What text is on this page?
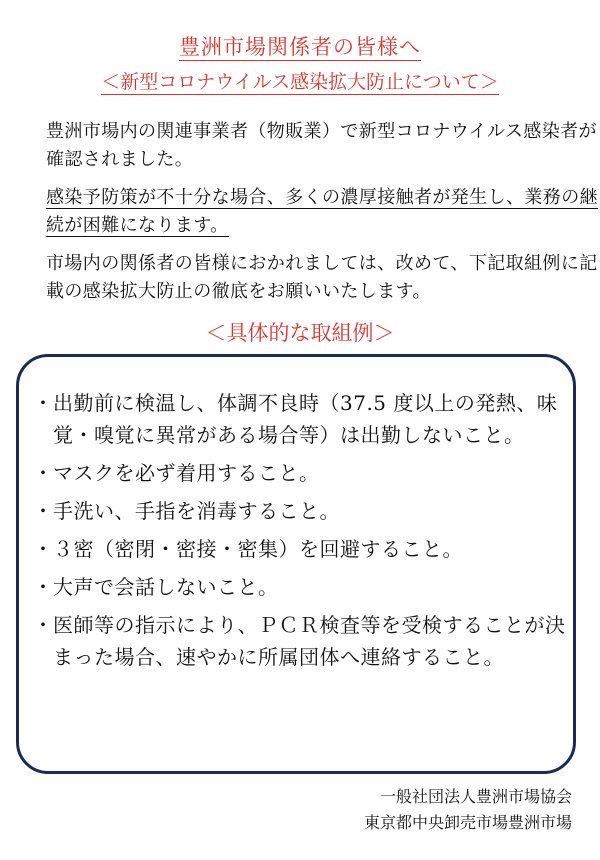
豊洲市場関係者の皆様へ
＜新型コロナウイルス感染拡大防止について＞
豊洲市場内の関連事業者（物販業）で新型コロナウイルス感染者が確認されました。
感染予防策が不十分な場合、多くの濃厚接触者が発生し、業務の継続が困難になります。
市場内の関係者の皆様におかれましては、改めて、下記取組例に記載の感染拡大防止の徹底をお願いいたします。
＜具体的な取組例＞
・ 出勤前に検温し、体調不良時（37.5 度以上の発熱、味覚・嗅覚に異常がある場合等）は出勤しないこと。
・ マスクを必ず着用すること。
・ 手洗い、手指を消毒すること。
・ ３密（密閉・密接・密集）を回避すること。
・ 大声で会話しないこと。
・ 医師等の指示により、ＰＣＲ検査等を受検することが決まった場合、速やかに所属団体へ連絡すること。
一般社団法人豊洲市場協会
東京都中央卸売市場豊洲市場
